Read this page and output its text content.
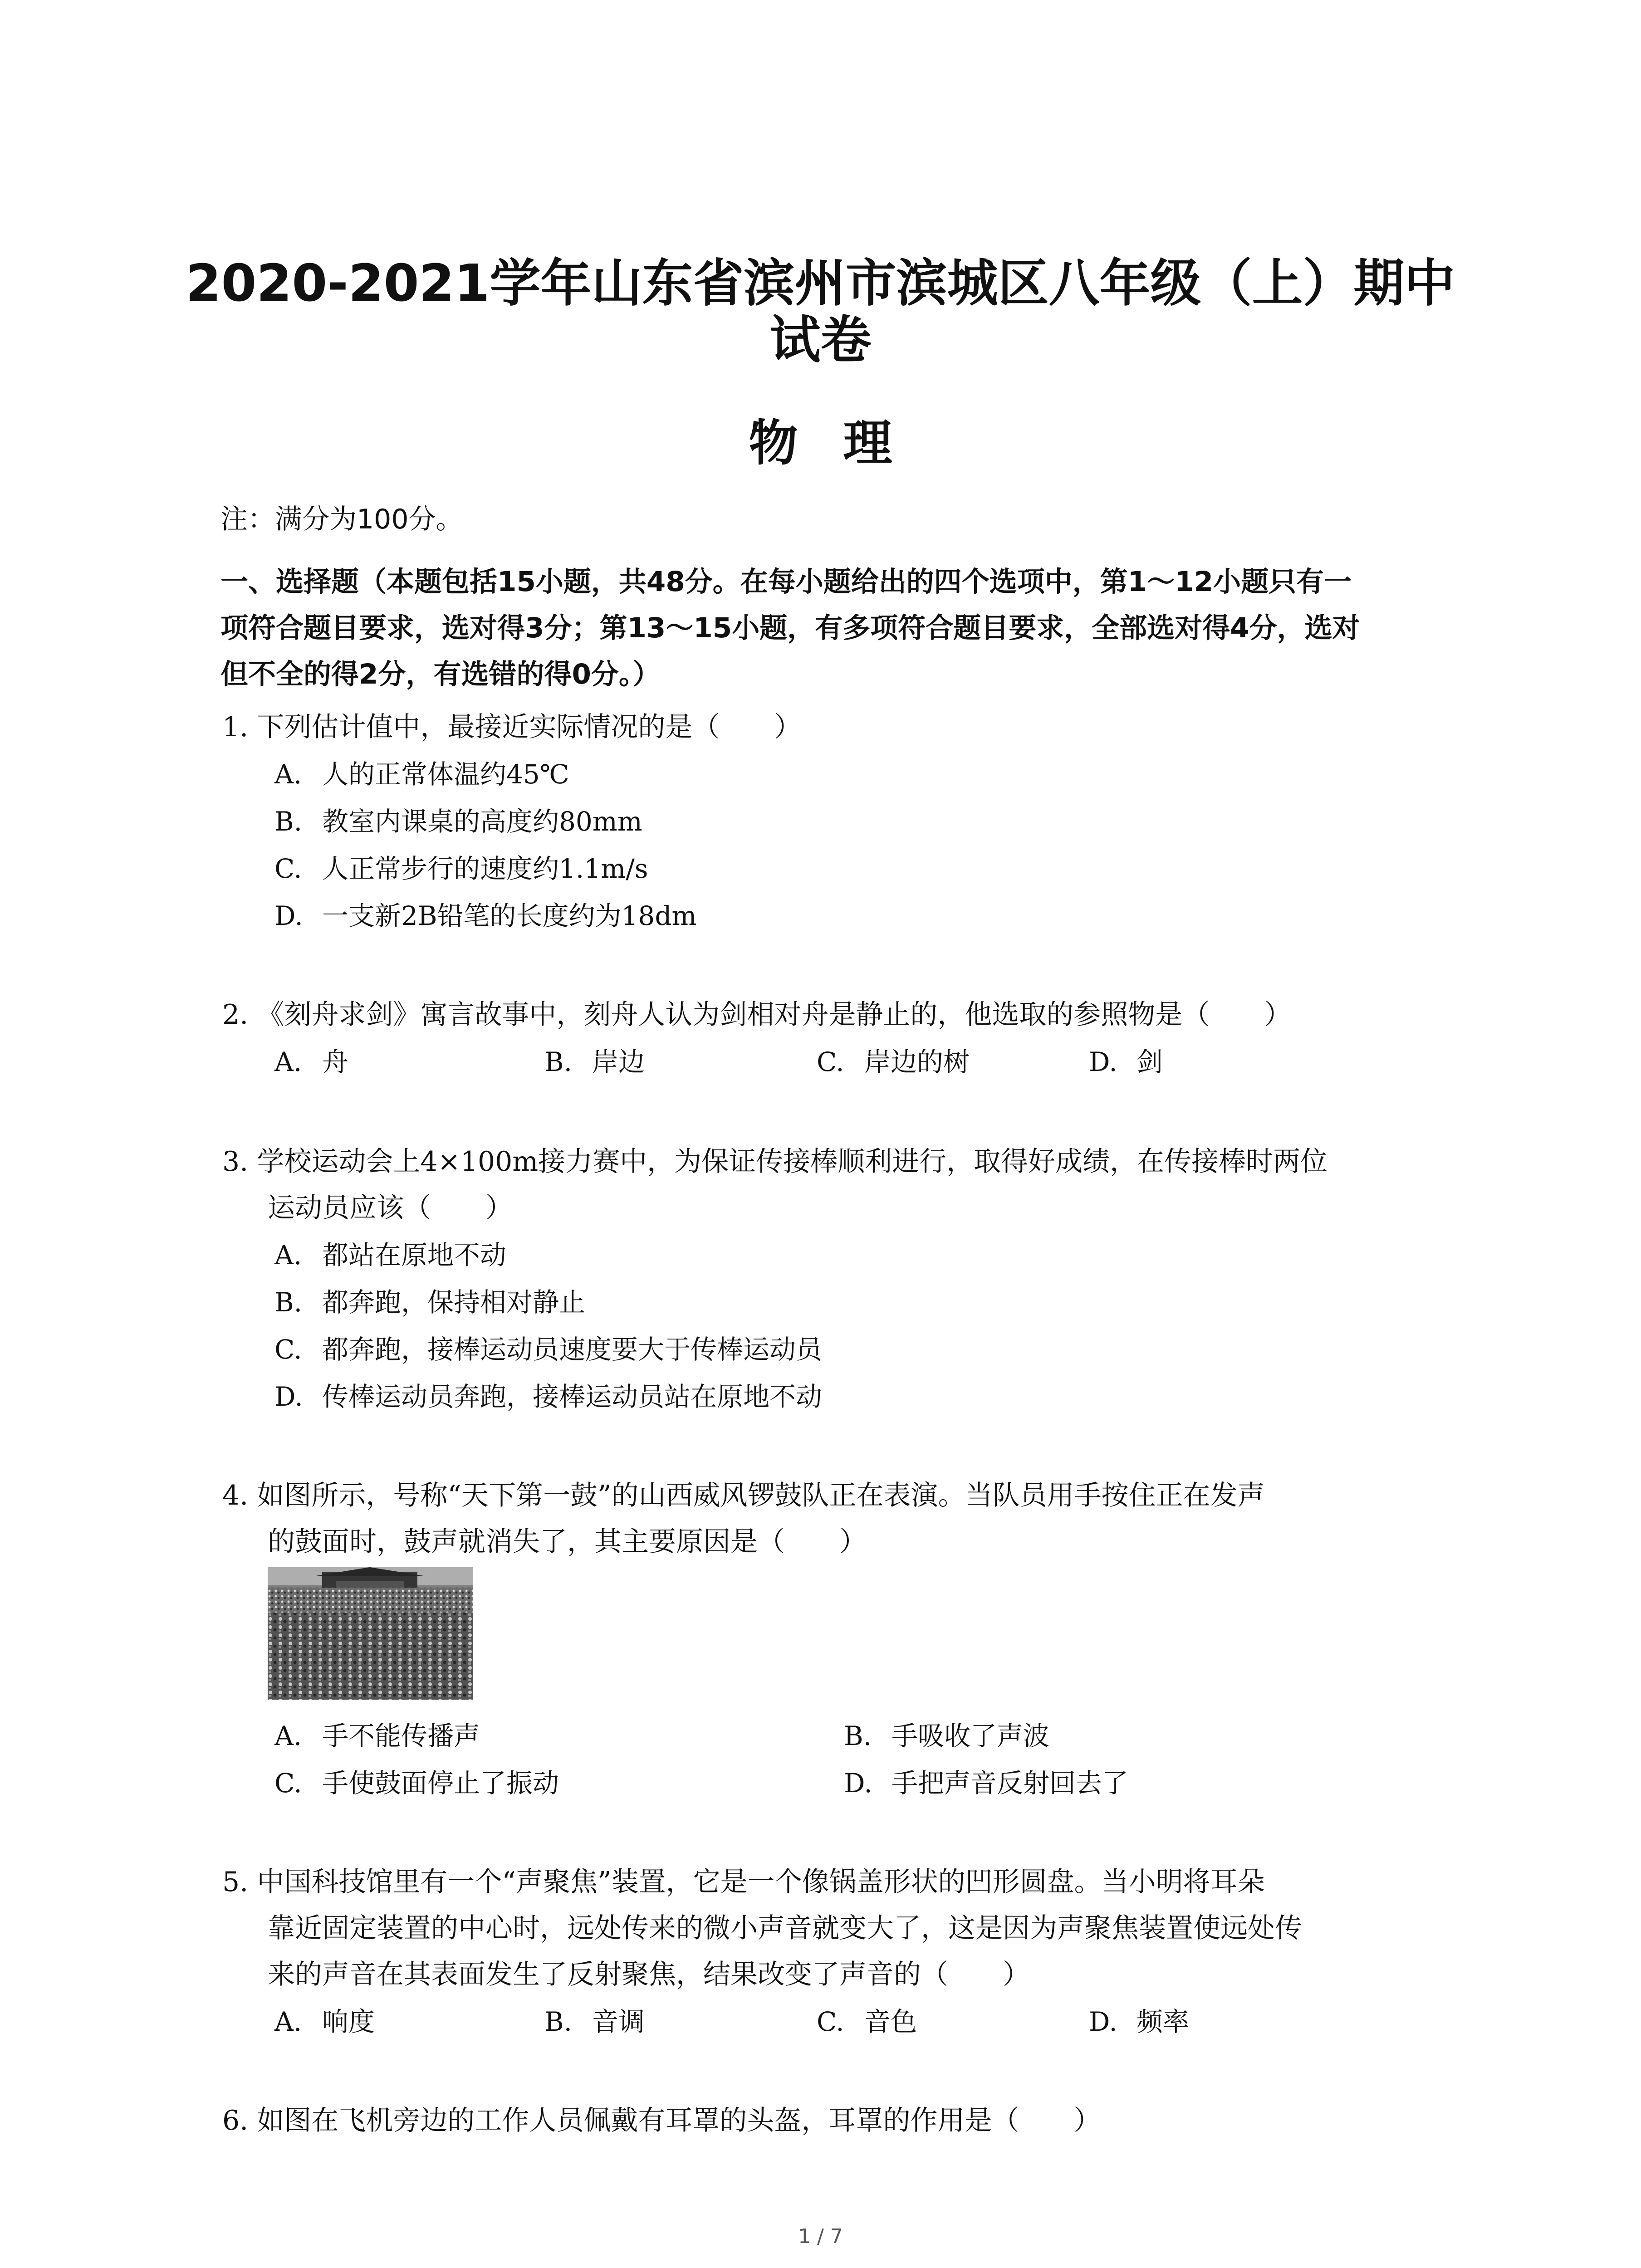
2020-2021学年山东省滨州市滨城区八年级（上）期中
试卷
物理
注：满分为100分。
一、选择题（本题包括15小题，共48分。在每小题给出的四个选项中，第1～12小题只有一
项符合题目要求，选对得3分；第13～15小题，有多项符合题目要求，全部选对得4分，选对
但不全的得2分，有选错的得0分。）
1. 下列估计值中，最接近实际情况的是（　　）
A. 人的正常体温约45℃
B. 教室内课桌的高度约80mm
C. 人正常步行的速度约1.1m/s
D. 一支新2B铅笔的长度约为18dm
2. 《刻舟求剑》寓言故事中，刻舟人认为剑相对舟是静止的，他选取的参照物是（　　）
A. 舟	B. 岸边	C. 岸边的树	D. 剑
3. 学校运动会上4×100m接力赛中，为保证传接棒顺利进行，取得好成绩，在传接棒时两位
运动员应该（　　）
A. 都站在原地不动
B. 都奔跑，保持相对静止
C. 都奔跑，接棒运动员速度要大于传棒运动员
D. 传棒运动员奔跑，接棒运动员站在原地不动
4. 如图所示，号称“天下第一鼓”的山西威风锣鼓队正在表演。当队员用手按住正在发声
的鼓面时，鼓声就消失了，其主要原因是（　　）
A. 手不能传播声	B. 手吸收了声波
C. 手使鼓面停止了振动	D. 手把声音反射回去了
5. 中国科技馆里有一个“声聚焦”装置，它是一个像锅盖形状的凹形圆盘。当小明将耳朵
靠近固定装置的中心时，远处传来的微小声音就变大了，这是因为声聚焦装置使远处传
来的声音在其表面发生了反射聚焦，结果改变了声音的（　　）
A. 响度	B. 音调	C. 音色	D. 频率
6. 如图在飞机旁边的工作人员佩戴有耳罩的头盔，耳罩的作用是（　　）
1 / 7
